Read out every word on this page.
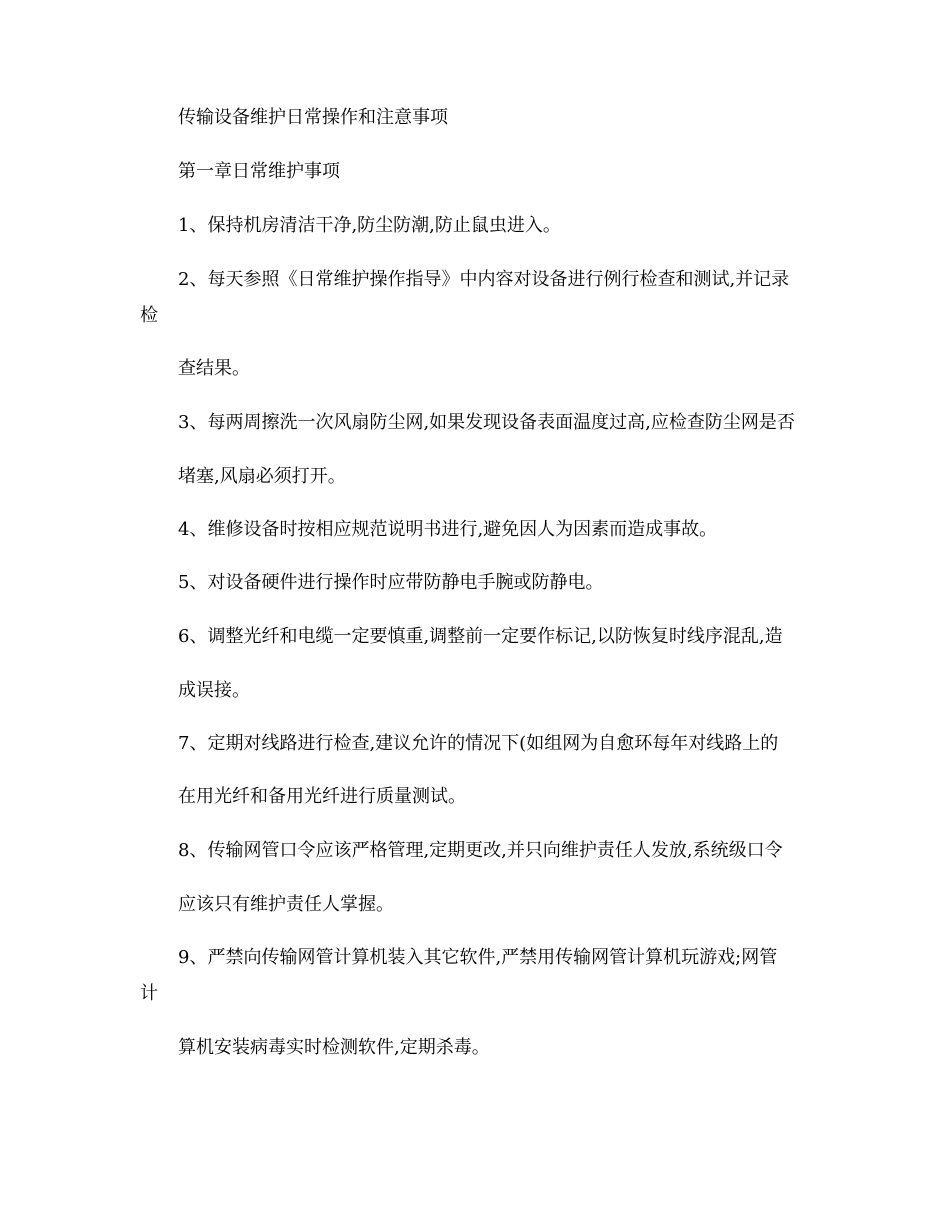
传输设备维护日常操作和注意事项
第一章日常维护事项
1、保持机房清洁干净,防尘防潮,防止鼠虫进入。
2、每天参照《日常维护操作指导》中内容对设备进行例行检查和测试,并记录
检
查结果。
3、每两周擦洗一次风扇防尘网,如果发现设备表面温度过高,应检查防尘网是否
堵塞,风扇必须打开。
4、维修设备时按相应规范说明书进行,避免因人为因素而造成事故。
5、对设备硬件进行操作时应带防静电手腕或防静电。
6、调整光纤和电缆一定要慎重,调整前一定要作标记,以防恢复时线序混乱,造
成误接。
7、定期对线路进行检查,建议允许的情况下(如组网为自愈环每年对线路上的
在用光纤和备用光纤进行质量测试。
8、传输网管口令应该严格管理,定期更改,并只向维护责任人发放,系统级口令
应该只有维护责任人掌握。
9、严禁向传输网管计算机装入其它软件,严禁用传输网管计算机玩游戏;网管
计
算机安装病毒实时检测软件,定期杀毒。
